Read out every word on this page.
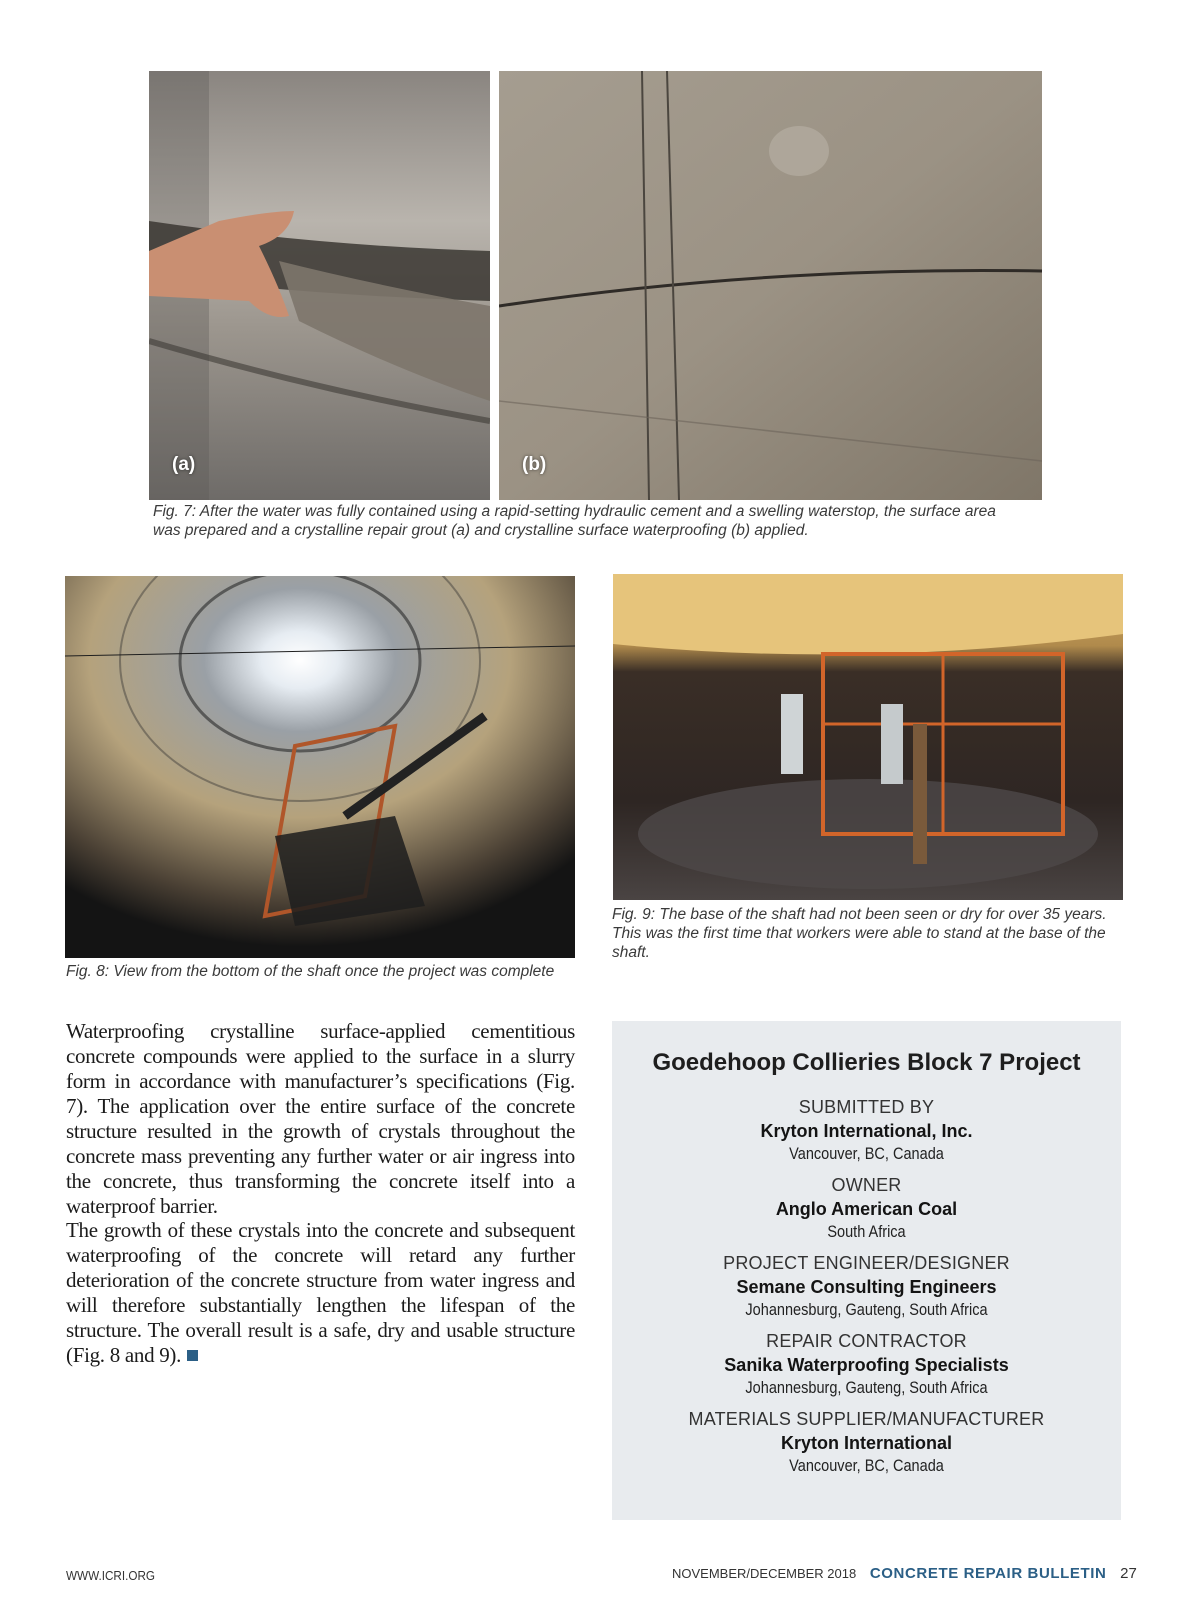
(a)	(b)

Fig. 7: After the water was fully contained using a rapid-setting hydraulic cement and a swelling waterstop, the surface area
was prepared and a crystalline repair grout (a) and crystalline surface waterproofing (b) applied.

Fig. 8: View from the bottom of the shaft once the project was complete

Fig. 9: The base of the shaft had not been seen or dry for over 35 years.
This was the first time that workers were able to stand at the base of the
shaft.

Waterproofing crystalline surface-applied cementitious concrete compounds were applied to the surface in a slurry form in accordance with manufacturer’s specifications (Fig. 7). The application over the entire surface of the concrete structure resulted in the growth of crystals throughout the concrete mass preventing any further water or air ingress into the concrete, thus transforming the concrete itself into a waterproof barrier.

The growth of these crystals into the concrete and subsequent waterproofing of the concrete will retard any further deterioration of the concrete structure from water ingress and will therefore substantially lengthen the lifespan of the structure. The overall result is a safe, dry and usable structure (Fig. 8 and 9).

Goedehoop Collieries Block 7 Project
SUBMITTED BY
Kryton International, Inc.
Vancouver, BC, Canada
OWNER
Anglo American Coal
South Africa
PROJECT ENGINEER/DESIGNER
Semane Consulting Engineers
Johannesburg, Gauteng, South Africa
REPAIR CONTRACTOR
Sanika Waterproofing Specialists
Johannesburg, Gauteng, South Africa
MATERIALS SUPPLIER/MANUFACTURER
Kryton International
Vancouver, BC, Canada
WWW.ICRI.ORG	NOVEMBER/DECEMBER 2018 CONCRETE REPAIR BULLETIN 27
